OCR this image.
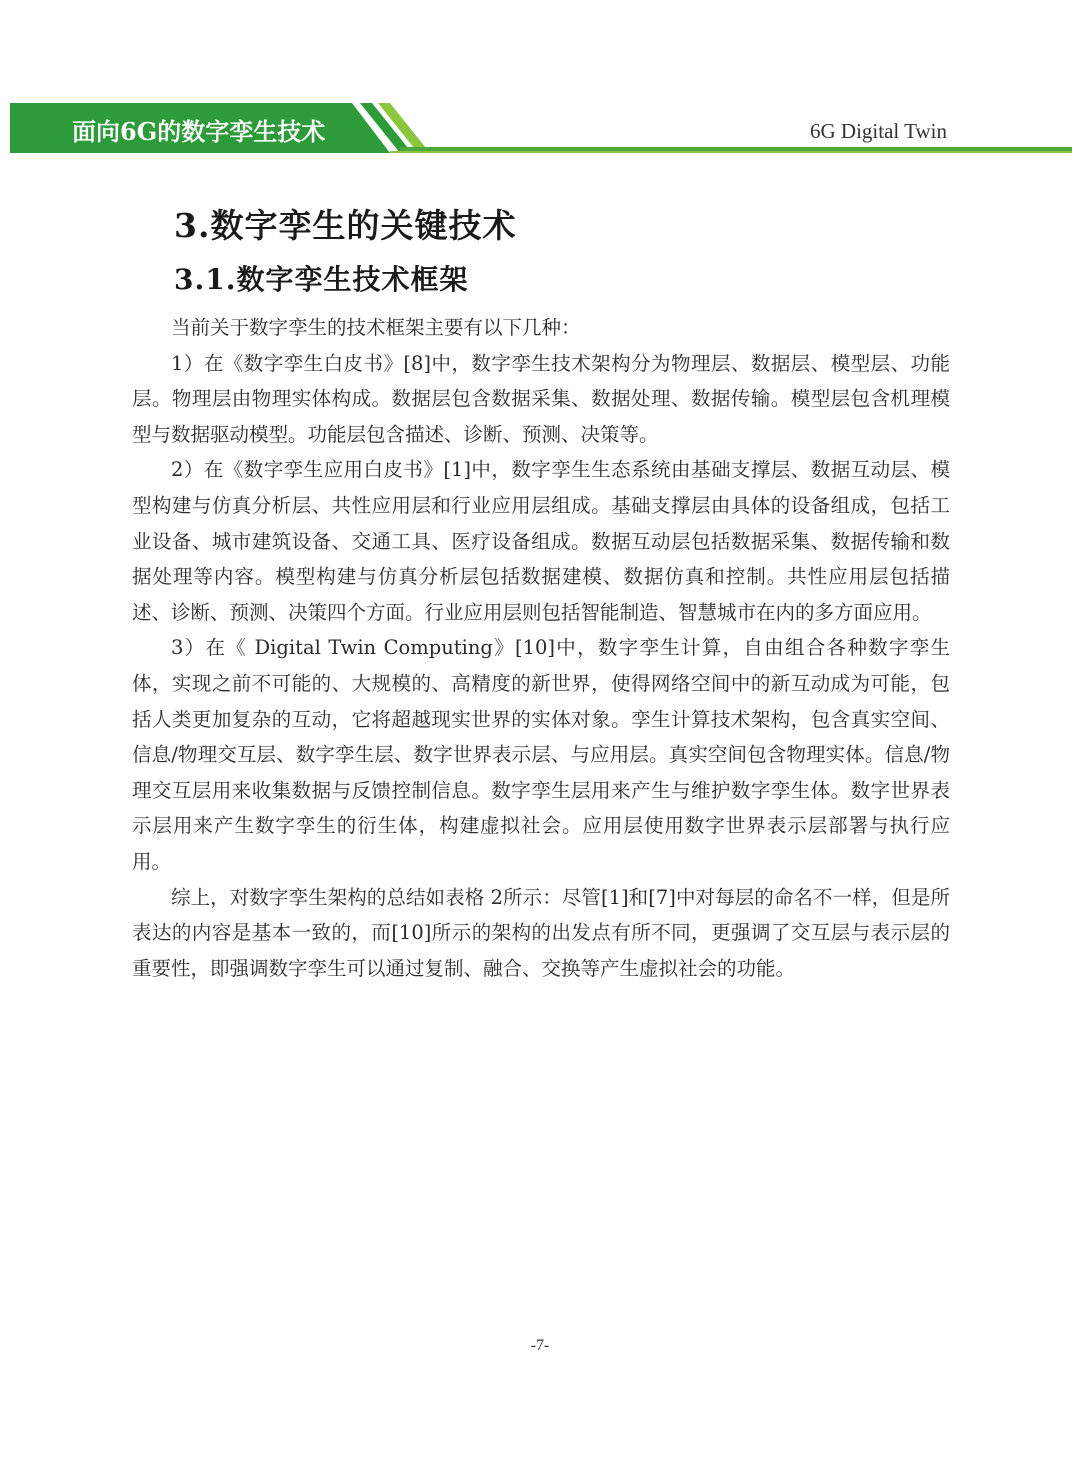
面向6G的数字孪生技术	6G Digital Twin
3.数字孪生的关键技术
3.1.数字孪生技术框架

当前关于数字孪生的技术框架主要有以下几种：

1）在《数字孪生白皮书》[8]中，数字孪生技术架构分为物理层、数据层、模型层、功能层。物理层由物理实体构成。数据层包含数据采集、数据处理、数据传输。模型层包含机理模型与数据驱动模型。功能层包含描述、诊断、预测、决策等。

2）在《数字孪生应用白皮书》[1]中，数字孪生生态系统由基础支撑层、数据互动层、模型构建与仿真分析层、共性应用层和行业应用层组成。基础支撑层由具体的设备组成，包括工业设备、城市建筑设备、交通工具、医疗设备组成。数据互动层包括数据采集、数据传输和数据处理等内容。模型构建与仿真分析层包括数据建模、数据仿真和控制。共性应用层包括描述、诊断、预测、决策四个方面。行业应用层则包括智能制造、智慧城市在内的多方面应用。

3）在《 Digital Twin Computing》[10]中，数字孪生计算，自由组合各种数字孪生体，实现之前不可能的、大规模的、高精度的新世界，使得网络空间中的新互动成为可能，包括人类更加复杂的互动，它将超越现实世界的实体对象。孪生计算技术架构，包含真实空间、信息/物理交互层、数字孪生层、数字世界表示层、与应用层。真实空间包含物理实体。信息/物理交互层用来收集数据与反馈控制信息。数字孪生层用来产生与维护数字孪生体。数字世界表示层用来产生数字孪生的衍生体，构建虚拟社会。应用层使用数字世界表示层部署与执行应用。

综上，对数字孪生架构的总结如表格 2所示：尽管[1]和[7]中对每层的命名不一样，但是所表达的内容是基本一致的，而[10]所示的架构的出发点有所不同，更强调了交互层与表示层的重要性，即强调数字孪生可以通过复制、融合、交换等产生虚拟社会的功能。

-7-
